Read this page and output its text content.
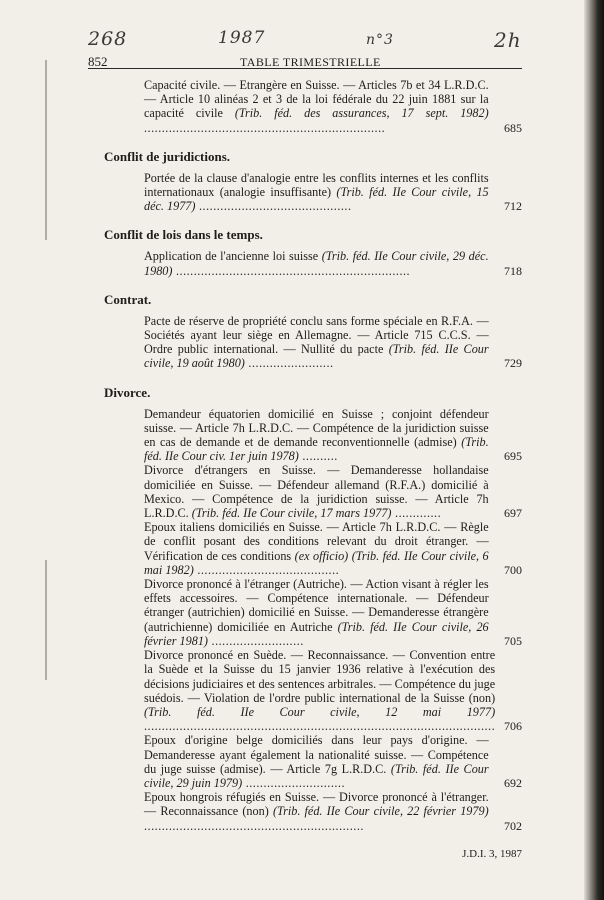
268	1987	n°3	2h
852	TABLE TRIMESTRIELLE
Capacité civile. — Etrangère en Suisse. — Articles 7b et 34 L.R.D.C. — Article 10 alinéas 2 et 3 de la loi fédérale du 22 juin 1881 sur la capacité civile (Trib. féd. des assurances, 17 sept. 1982) ....................................................................	685
Conflit de juridictions.
Portée de la clause d'analogie entre les conflits internes et les conflits internationaux (analogie insuffisante) (Trib. féd. IIe Cour civile, 15 déc. 1977) ...........................................	712
Conflit de lois dans le temps.
Application de l'ancienne loi suisse (Trib. féd. IIe Cour civile, 29 déc. 1980) ..................................................................	718
Contrat.
Pacte de réserve de propriété conclu sans forme spéciale en R.F.A. — Sociétés ayant leur siège en Allemagne. — Article 715 C.C.S. — Ordre public international. — Nullité du pacte (Trib. féd. IIe Cour civile, 19 août 1980) ........................	729
Divorce.
Demandeur équatorien domicilié en Suisse ; conjoint défendeur suisse. — Article 7h L.R.D.C. — Compétence de la juridiction suisse en cas de demande et de demande reconventionnelle (admise) (Trib. féd. IIe Cour civ. 1er juin 1978) ..........	695
Divorce d'étrangers en Suisse. — Demanderesse hollandaise domiciliée en Suisse. — Défendeur allemand (R.F.A.) domicilié à Mexico. — Compétence de la juridiction suisse. — Article 7h L.R.D.C. (Trib. féd. IIe Cour civile, 17 mars 1977) .............	697
Epoux italiens domiciliés en Suisse. — Article 7h L.R.D.C. — Règle de conflit posant des conditions relevant du droit étranger. — Vérification de ces conditions (ex officio) (Trib. féd. IIe Cour civile, 6 mai 1982) ........................................	700
Divorce prononcé à l'étranger (Autriche). — Action visant à régler les effets accessoires. — Compétence internationale. — Défendeur étranger (autrichien) domicilié en Suisse. — Demanderesse étrangère (autrichienne) domiciliée en Autriche (Trib. féd. IIe Cour civile, 26 février 1981) ..........................	705
Divorce prononcé en Suède. — Reconnaissance. — Convention entre la Suède et la Suisse du 15 janvier 1936 relative à l'exécution des décisions judiciaires et des sentences arbitrales. — Compétence du juge suédois. — Violation de l'ordre public international de la Suisse (non) (Trib. féd. IIe Cour civile, 12 mai 1977) ................................................................................................... 706
Epoux d'origine belge domiciliés dans leur pays d'origine. — Demanderesse ayant également la nationalité suisse. — Compétence du juge suisse (admise). — Article 7g L.R.D.C. (Trib. féd. IIe Cour civile, 29 juin 1979) ............................	692
Epoux hongrois réfugiés en Suisse. — Divorce prononcé à l'étranger. — Reconnaissance (non) (Trib. féd. IIe Cour civile, 22 février 1979) ..............................................................	702
J.D.I. 3, 1987
